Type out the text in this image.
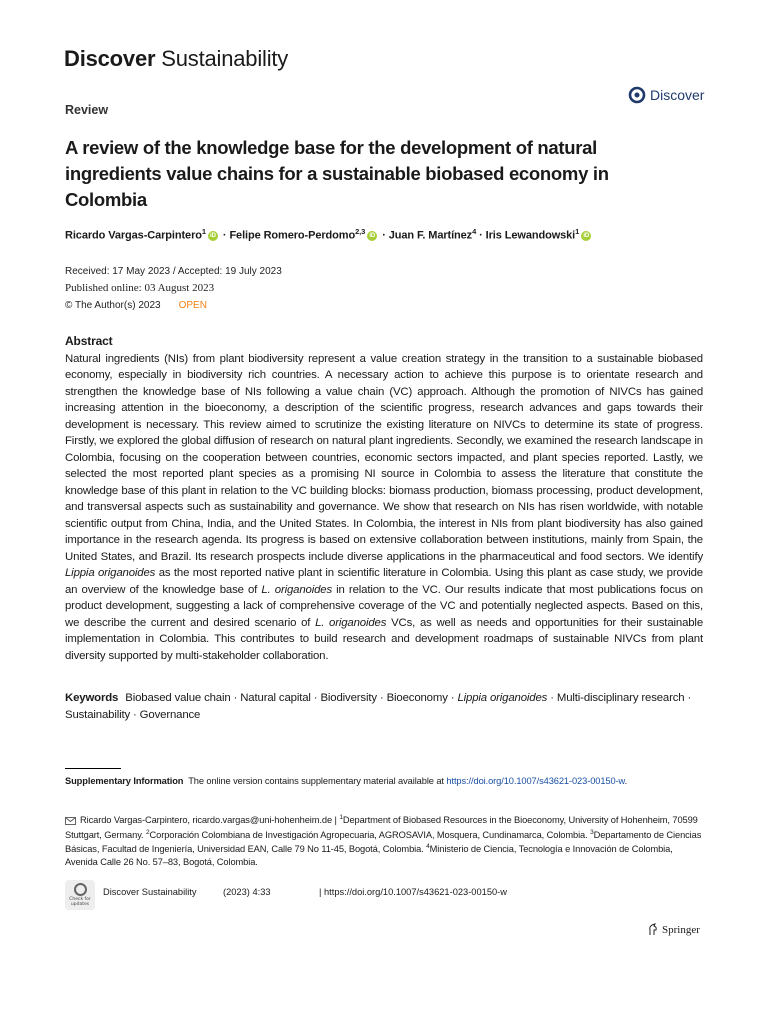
Discover Sustainability
Review
Discover
A review of the knowledge base for the development of natural ingredients value chains for a sustainable biobased economy in Colombia
Ricardo Vargas-Carpintero$^1$ iD · Felipe Romero-Perdomo$^{2,3}$ iD · Juan F. Martínez$^4$ · Iris Lewandowski$^1$ iD
Received: 17 May 2023 / Accepted: 19 July 2023
Published online: 03 August 2023
© The Author(s) 2023 OPEN
Abstract

Natural ingredients (NIs) from plant biodiversity represent a value creation strategy in the transition to a sustainable biobased economy, especially in biodiversity rich countries. A necessary action to achieve this purpose is to orientate research and strengthen the knowledge base of NIs following a value chain (VC) approach. Although the promotion of NIVCs has gained increasing attention in the bioeconomy, a description of the scientific progress, research advances and gaps towards their development is necessary. This review aimed to scrutinize the existing literature on NIVCs to determine its state of progress. Firstly, we explored the global diffusion of research on natural plant ingredients. Secondly, we examined the research landscape in Colombia, focusing on the cooperation between countries, economic sectors impacted, and plant species reported. Lastly, we selected the most reported plant species as a promising NI source in Colombia to assess the literature that constitute the knowledge base of this plant in relation to the VC building blocks: biomass production, biomass processing, product development, and transversal aspects such as sustainability and governance. We show that research on NIs has risen worldwide, with notable scientific output from China, India, and the United States. In Colombia, the interest in NIs from plant biodiversity has also gained importance in the research agenda. Its progress is based on extensive collaboration between institutions, mainly from Spain, the United States, and Brazil. Its research prospects include diverse applications in the pharmaceutical and food sectors. We identify Lippia origanoides as the most reported native plant in scientific literature in Colombia. Using this plant as case study, we provide an overview of the knowledge base of L. origanoides in relation to the VC. Our results indicate that most publications focus on product development, suggesting a lack of comprehensive coverage of the VC and potentially neglected aspects. Based on this, we describe the current and desired scenario of L. origanoides VCs, as well as needs and opportunities for their sustainable implementation in Colombia. This contributes to build research and development roadmaps of sustainable NIVCs from plant diversity supported by multi-stakeholder collaboration.

Keywords Biobased value chain · Natural capital · Biodiversity · Bioeconomy · Lippia origanoides · Multi-disciplinary research · Sustainability · Governance
Supplementary Information The online version contains supplementary material available at https://doi.org/10.1007/s43621-023-00150-w.
Ricardo Vargas-Carpintero, ricardo.vargas@uni-hohenheim.de | $^1$Department of Biobased Resources in the Bioeconomy, University of Hohenheim, 70599 Stuttgart, Germany. $^2$Corporación Colombiana de Investigación Agropecuaria, AGROSAVIA, Mosquera, Cundinamarca, Colombia. $^3$Departamento de Ciencias Básicas, Facultad de Ingeniería, Universidad EAN, Calle 79 No 11-45, Bogotá, Colombia. $^4$Ministerio de Ciencia, Tecnología e Innovación de Colombia, Avenida Calle 26 No. 57–83, Bogotá, Colombia.
Check for updates
Discover Sustainability	(2023) 4:33	| https://doi.org/10.1007/s43621-023-00150-w
Springer
